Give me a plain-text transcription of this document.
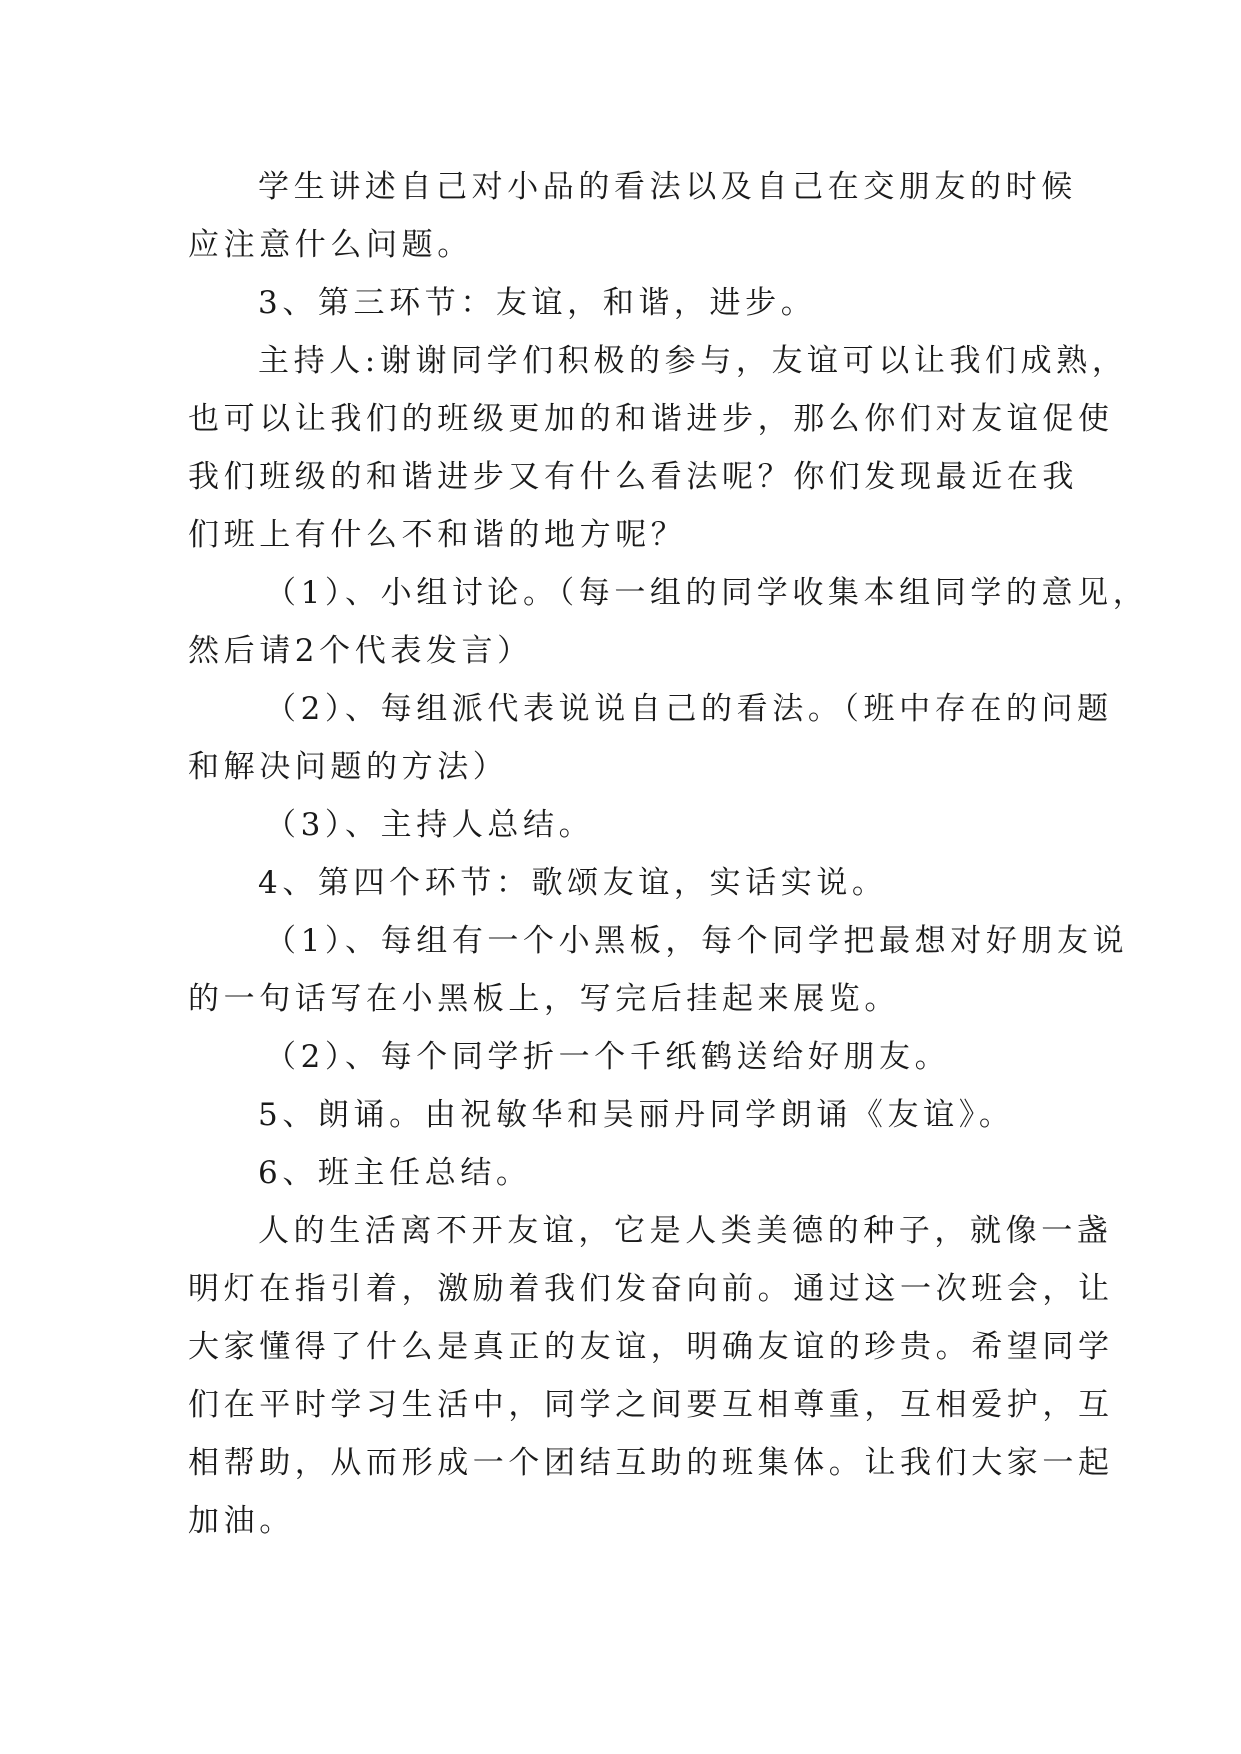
学生讲述自己对小品的看法以及自己在交朋友的时候
应注意什么问题。
3、第三环节：友谊，和谐，进步。
主持人:谢谢同学们积极的参与，友谊可以让我们成熟，
也可以让我们的班级更加的和谐进步，那么你们对友谊促使
我们班级的和谐进步又有什么看法呢？你们发现最近在我
们班上有什么不和谐的地方呢？
（1）、小组讨论。（每一组的同学收集本组同学的意见，
然后请2个代表发言）
（2）、每组派代表说说自己的看法。（班中存在的问题
和解决问题的方法）
（3）、主持人总结。
4、第四个环节：歌颂友谊，实话实说。
（1）、每组有一个小黑板，每个同学把最想对好朋友说
的一句话写在小黑板上，写完后挂起来展览。
（2）、每个同学折一个千纸鹤送给好朋友。
5、朗诵。由祝敏华和吴丽丹同学朗诵《友谊》。
6、班主任总结。
人的生活离不开友谊，它是人类美德的种子，就像一盏
明灯在指引着，激励着我们发奋向前。通过这一次班会，让
大家懂得了什么是真正的友谊，明确友谊的珍贵。希望同学
们在平时学习生活中，同学之间要互相尊重，互相爱护，互
相帮助，从而形成一个团结互助的班集体。让我们大家一起
加油。
